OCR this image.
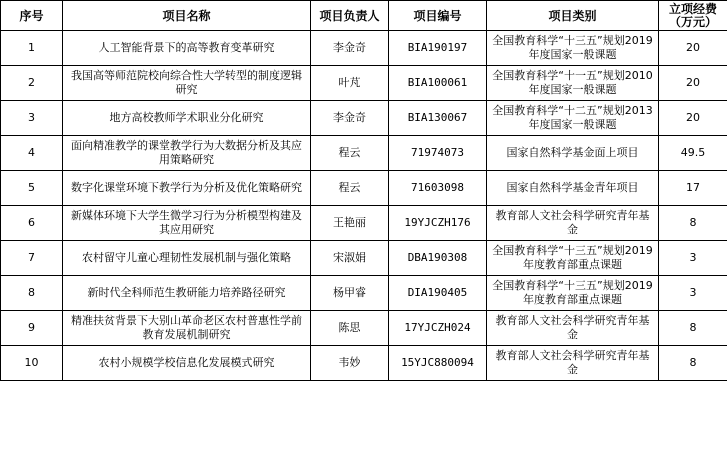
序号	项目名称	项目负责人	项目编号	项目类别	立项经费（万元）
1	人工智能背景下的高等教育变革研究	李金奇	BIA190197	全国教育科学“十三五”规划2019年度国家一般课题	20
2	我国高等师范院校向综合性大学转型的制度逻辑研究	叶芃	BIA100061	全国教育科学“十一五”规划2010年度国家一般课题	20
3	地方高校教师学术职业分化研究	李金奇	BIA130067	全国教育科学“十二五”规划2013年度国家一般课题	20
4	面向精准教学的课堂教学行为大数据分析及其应用策略研究	程云	71974073	国家自然科学基金面上项目	49.5
5	数字化课堂环境下教学行为分析及优化策略研究	程云	71603098	国家自然科学基金青年项目	17
6	新媒体环境下大学生微学习行为分析模型构建及其应用研究	王艳丽	19YJCZH176	教育部人文社会科学研究青年基金	8
7	农村留守儿童心理韧性发展机制与强化策略	宋淑娟	DBA190308	全国教育科学“十三五”规划2019年度教育部重点课题	3
8	新时代全科师范生教研能力培养路径研究	杨甲睿	DIA190405	全国教育科学“十三五”规划2019年度教育部重点课题	3
9	精准扶贫背景下大别山革命老区农村普惠性学前教育发展机制研究	陈思	17YJCZH024	教育部人文社会科学研究青年基金	8
10	农村小规模学校信息化发展模式研究	韦妙	15YJC880094	教育部人文社会科学研究青年基金	8
